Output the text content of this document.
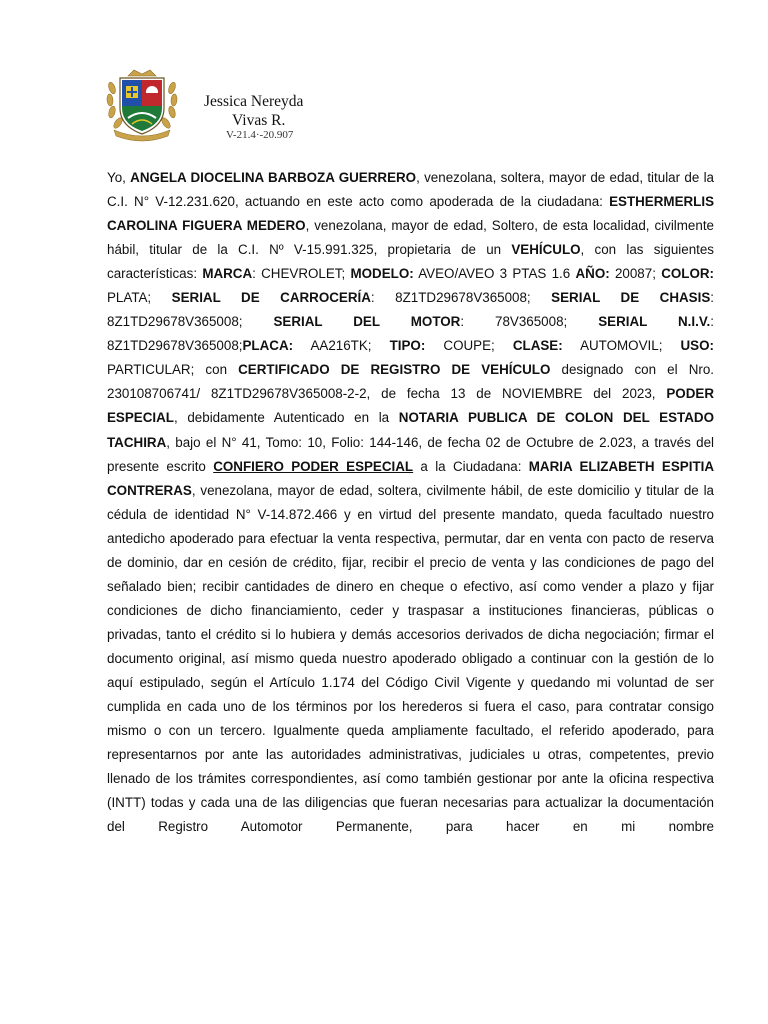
Jessica Nereyda
Vivas R.
V-21.4·-20.907

Yo, ANGELA DIOCELINA BARBOZA GUERRERO, venezolana, soltera, mayor de edad, titular de la C.I. N° V-12.231.620, actuando en este acto como apoderada de la ciudadana: ESTHERMERLIS CAROLINA FIGUERA MEDERO, venezolana, mayor de edad, Soltero, de esta localidad, civilmente hábil, titular de la C.I. Nº V-15.991.325, propietaria de un VEHÍCULO, con las siguientes características: MARCA: CHEVROLET; MODELO: AVEO/AVEO 3 PTAS 1.6 AÑO: 20087; COLOR: PLATA; SERIAL DE CARROCERÍA: 8Z1TD29678V365008; SERIAL DE CHASIS: 8Z1TD29678V365008; SERIAL DEL MOTOR: 78V365008; SERIAL N.I.V.: 8Z1TD29678V365008;PLACA: AA216TK; TIPO: COUPE; CLASE: AUTOMOVIL; USO: PARTICULAR; con CERTIFICADO DE REGISTRO DE VEHÍCULO designado con el Nro. 230108706741/ 8Z1TD29678V365008-2-2, de fecha 13 de NOVIEMBRE del 2023, PODER ESPECIAL, debidamente Autenticado en la NOTARIA PUBLICA DE COLON DEL ESTADO TACHIRA, bajo el N° 41, Tomo: 10, Folio: 144-146, de fecha 02 de Octubre de 2.023, a través del presente escrito CONFIERO PODER ESPECIAL a la Ciudadana: MARIA ELIZABETH ESPITIA CONTRERAS, venezolana, mayor de edad, soltera, civilmente hábil, de este domicilio y titular de la cédula de identidad N° V-14.872.466 y en virtud del presente mandato, queda facultado nuestro antedicho apoderado para efectuar la venta respectiva, permutar, dar en venta con pacto de reserva de dominio, dar en cesión de crédito, fijar, recibir el precio de venta y las condiciones de pago del señalado bien; recibir cantidades de dinero en cheque o efectivo, así como vender a plazo y fijar condiciones de dicho financiamiento, ceder y traspasar a instituciones financieras, públicas o privadas, tanto el crédito si lo hubiera y demás accesorios derivados de dicha negociación; firmar el documento original, así mismo queda nuestro apoderado obligado a continuar con la gestión de lo aquí estipulado, según el Artículo 1.174 del Código Civil Vigente y quedando mi voluntad de ser cumplida en cada uno de los términos por los herederos si fuera el caso, para contratar consigo mismo o con un tercero. Igualmente queda ampliamente facultado, el referido apoderado, para representarnos por ante las autoridades administrativas, judiciales u otras, competentes, previo llenado de los trámites correspondientes, así como también gestionar por ante la oficina respectiva (INTT) todas y cada una de las diligencias que fueran necesarias para actualizar la documentación del Registro Automotor Permanente, para hacer en mi nombre
